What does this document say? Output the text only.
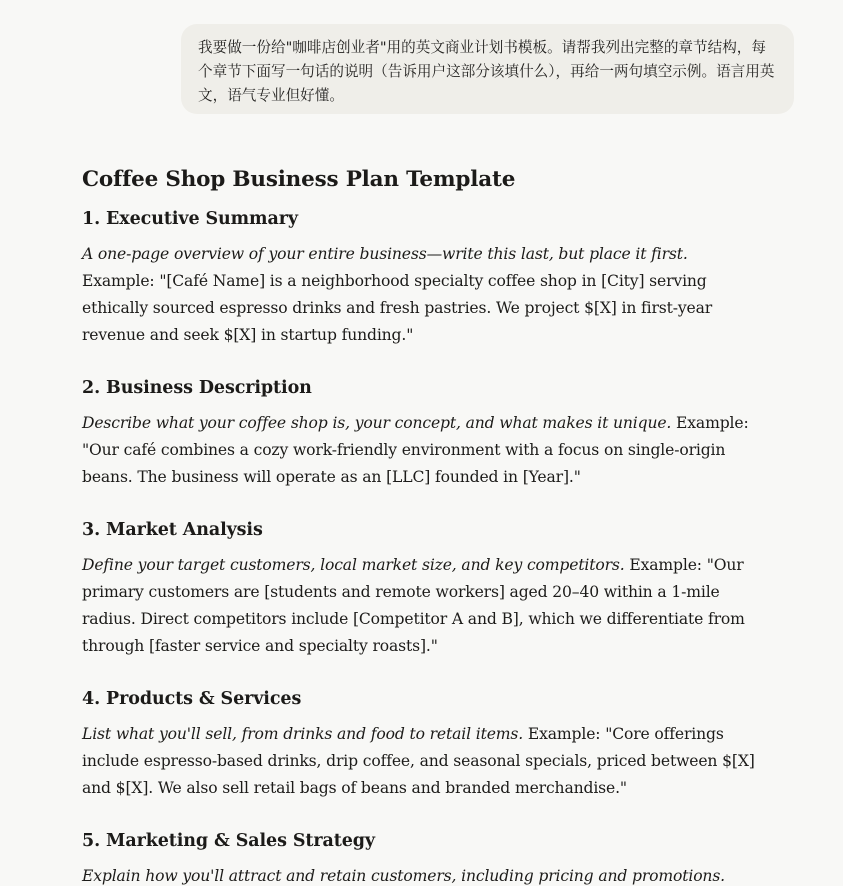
我要做一份给"咖啡店创业者"用的英文商业计划书模板。请帮我列出完整的章节结构，每个章节下面写一句话的说明（告诉用户这部分该填什么），再给一两句填空示例。语言用英文，语气专业但好懂。
Coffee Shop Business Plan Template
1. Executive Summary

A one-page overview of your entire business—write this last, but place it first. Example: "[Café Name] is a neighborhood specialty coffee shop in [City] serving ethically sourced espresso drinks and fresh pastries. We project $[X] in first-year revenue and seek $[X] in startup funding."

2. Business Description

Describe what your coffee shop is, your concept, and what makes it unique. Example: "Our café combines a cozy work-friendly environment with a focus on single-origin beans. The business will operate as an [LLC] founded in [Year]."

3. Market Analysis

Define your target customers, local market size, and key competitors. Example: "Our primary customers are [students and remote workers] aged 20–40 within a 1-mile radius. Direct competitors include [Competitor A and B], which we differentiate from through [faster service and specialty roasts]."

4. Products & Services

List what you'll sell, from drinks and food to retail items. Example: "Core offerings include espresso-based drinks, drip coffee, and seasonal specials, priced between $[X] and $[X]. We also sell retail bags of beans and branded merchandise."

5. Marketing & Sales Strategy

Explain how you'll attract and retain customers, including pricing and promotions.
